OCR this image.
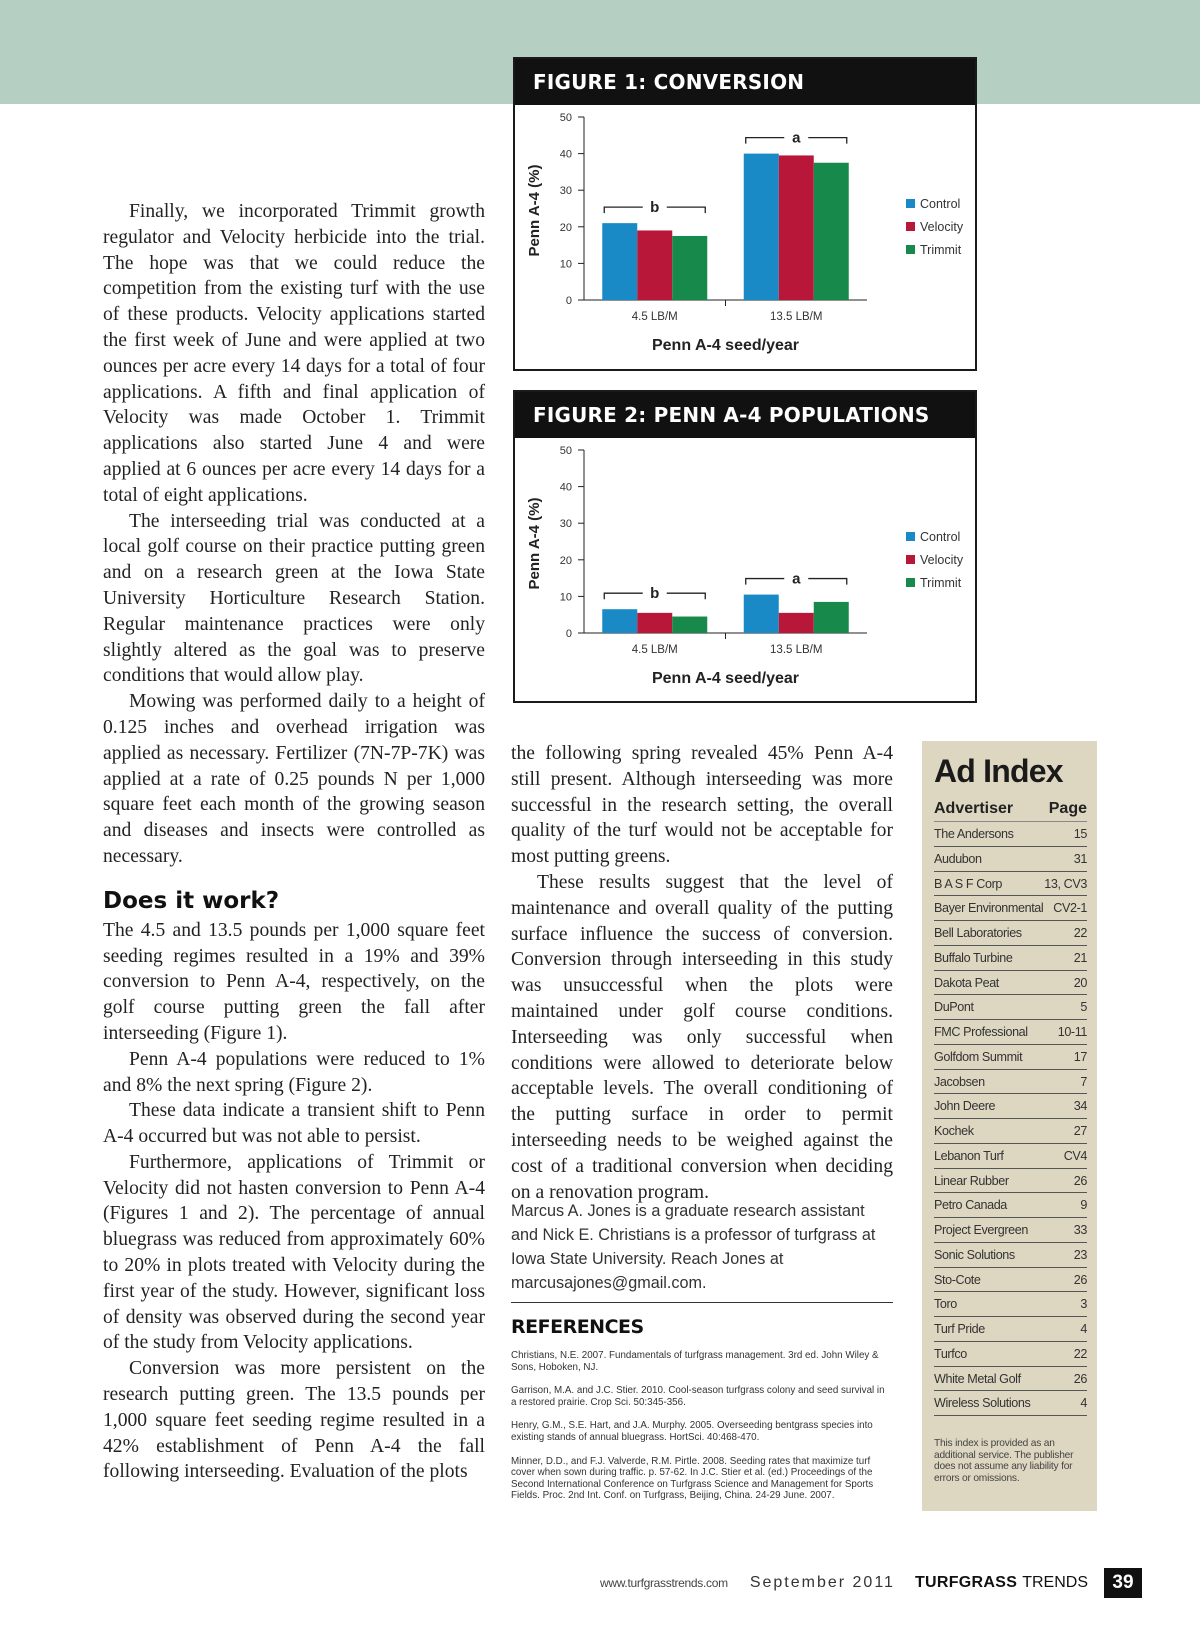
FIGURE 1: CONVERSION
0
10
20
30
40
50
Penn A-4 (%)
4.5 LB/M
b
13.5 LB/M
a
Penn A-4 seed/year
Control
Velocity
Trimmit
FIGURE 2: PENN A-4 POPULATIONS
0
10
20
30
40
50
Penn A-4 (%)
4.5 LB/M
b
13.5 LB/M
a
Penn A-4 seed/year
Control
Velocity
Trimmit

Finally, we incorporated Trimmit growth regulator and Velocity herbicide into the trial. The hope was that we could reduce the competition from the existing turf with the use of these products. Velocity applications started the first week of June and were applied at two ounces per acre every 14 days for a total of four applications. A fifth and final application of Velocity was made October 1. Trimmit applications also started June 4 and were applied at 6 ounces per acre every 14 days for a total of eight applications.

The interseeding trial was conducted at a local golf course on their practice putting green and on a research green at the Iowa State University Horticulture Research Station. Regular maintenance practices were only slightly altered as the goal was to preserve conditions that would allow play.

Mowing was performed daily to a height of 0.125 inches and overhead irrigation was applied as necessary. Fertilizer (7N-7P-7K) was applied at a rate of 0.25 pounds N per 1,000 square feet each month of the growing season and diseases and insects were controlled as necessary.

Does it work?

The 4.5 and 13.5 pounds per 1,000 square feet seeding regimes resulted in a 19% and 39% conversion to Penn A-4, respectively, on the golf course putting green the fall after interseeding (Figure 1).

Penn A-4 populations were reduced to 1% and 8% the next spring (Figure 2).

These data indicate a transient shift to Penn A-4 occurred but was not able to persist.

Furthermore, applications of Trimmit or Velocity did not hasten conversion to Penn A-4 (Figures 1 and 2). The percentage of annual bluegrass was reduced from approximately 60% to 20% in plots treated with Velocity during the first year of the study. However, significant loss of density was observed during the second year of the study from Velocity applications.

Conversion was more persistent on the research putting green. The 13.5 pounds per 1,000 square feet seeding regime resulted in a 42% establishment of Penn A-4 the fall following interseeding. Evaluation of the plots

the following spring revealed 45% Penn A-4 still present. Although interseeding was more successful in the research setting, the overall quality of the turf would not be acceptable for most putting greens.

These results suggest that the level of maintenance and overall quality of the putting surface influence the success of conversion. Conversion through interseeding in this study was unsuccessful when the plots were maintained under golf course conditions. Interseeding was only successful when conditions were allowed to deteriorate below acceptable levels. The overall conditioning of the putting surface in order to permit interseeding needs to be weighed against the cost of a traditional conversion when deciding on a renovation program.

Marcus A. Jones is a graduate research assistant and Nick E. Christians is a professor of turfgrass at Iowa State University. Reach Jones at marcusajones@gmail.com.
REFERENCES

Christians, N.E. 2007. Fundamentals of turfgrass management. 3rd ed. John Wiley & Sons, Hoboken, NJ.

Garrison, M.A. and J.C. Stier. 2010. Cool-season turfgrass colony and seed survival in a restored prairie. Crop Sci. 50:345-356.

Henry, G.M., S.E. Hart, and J.A. Murphy. 2005. Overseeding bentgrass species into existing stands of annual bluegrass. HortSci. 40:468-470.

Minner, D.D., and F.J. Valverde, R.M. Pirtle. 2008. Seeding rates that maximize turf cover when sown during traffic. p. 57-62. In J.C. Stier et al. (ed.) Proceedings of the Second International Conference on Turfgrass Science and Management for Sports Fields. Proc. 2nd Int. Conf. on Turfgrass, Beijing, China. 24-29 June. 2007.

Ad Index
Advertiser Page
The Andersons	15
Audubon	31
B A S F Corp	13, CV3
Bayer Environmental CV2-1
Bell Laboratories	22
Buffalo Turbine	21
Dakota Peat	20
DuPont	5
FMC Professional 10-11
Golfdom Summit	17
Jacobsen	7
John Deere	34
Kochek	27
Lebanon Turf	CV4
Linear Rubber	26
Petro Canada	9
Project Evergreen	33
Sonic Solutions	23
Sto-Cote	26
Toro	3
Turf Pride	4
Turfco	22
White Metal Golf	26
Wireless Solutions	4
This index is provided as an additional service. The publisher does not assume any liability for errors or omissions.
www.turfgrasstrends.com September 2011 TURFGRASS TRENDS	39
